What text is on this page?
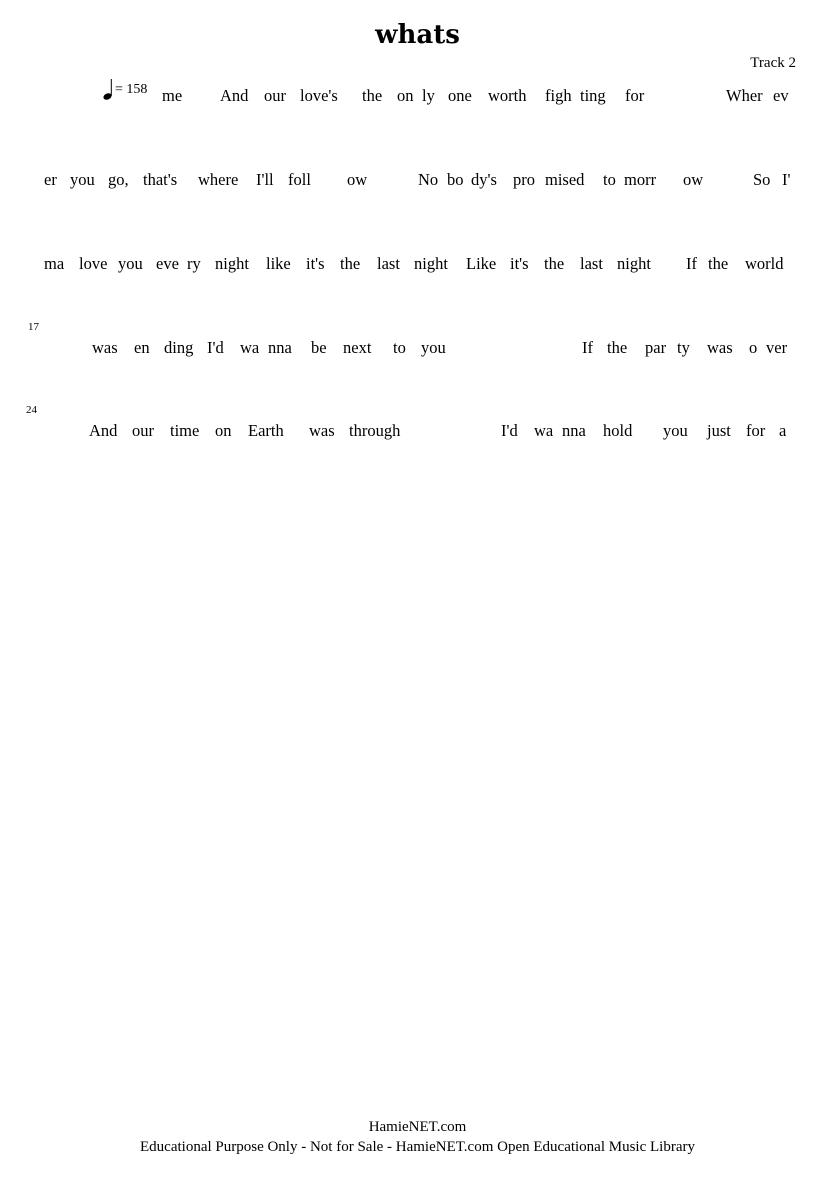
whats
Track 2
= 158
17
24
me And our love's the on ly one worth figh ting for	Wher ev
er you go, that's where I'll foll ow	No bo dy's pro mised to morr ow	So I'
ma love you eve ry night like it's the last night Like it's the last night If the world
was en ding I'd wa nna be next to you	If the par ty was o ver
And our time on Earth was through	I'd wa nna hold you just for a
HamieNET.com
Educational Purpose Only - Not for Sale - HamieNET.com Open Educational Music Library
